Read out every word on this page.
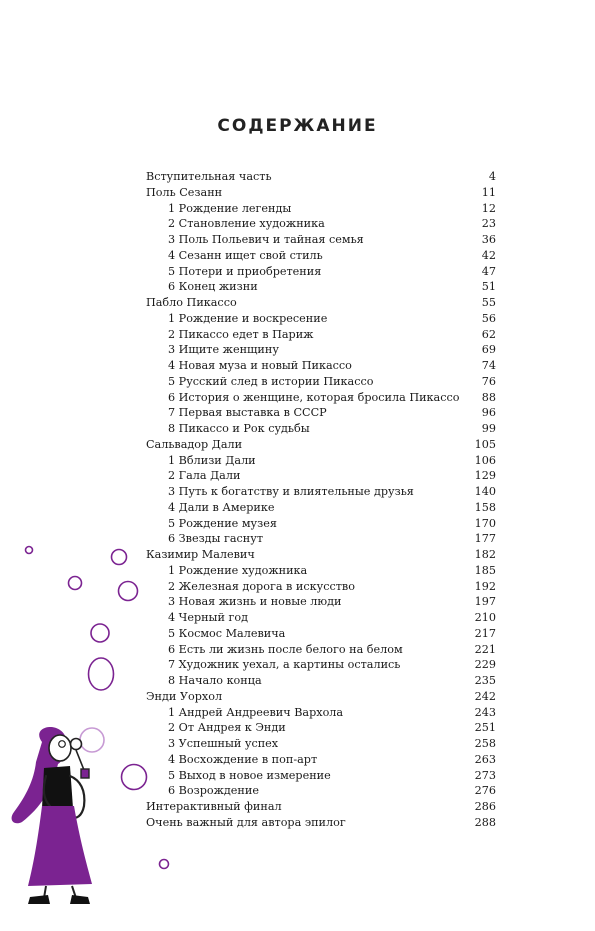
СОДЕРЖАНИЕ
Вступительная часть	4
Поль Сезанн	11
1 Рождение легенды	12
2 Становление художника	23
3 Поль Польевич и тайная семья	36
4 Сезанн ищет свой стиль	42
5 Потери и приобретения	47
6 Конец жизни	51
Пабло Пикассо	55
1 Рождение и воскресение	56
2 Пикассо едет в Париж	62
3 Ищите женщину	69
4 Новая муза и новый Пикассо	74
5 Русский след в истории Пикассо	76
6 История о женщине, которая бросила Пикассо 88
7 Первая выставка в СССР	96
8 Пикассо и Рок судьбы	99
Сальвадор Дали	105
1 Вблизи Дали	106
2 Гала Дали	129
3 Путь к богатству и влиятельные друзья	140
4 Дали в Америке	158
5 Рождение музея	170
6 Звезды гаснут	177
Казимир Малевич	182
1 Рождение художника	185
2 Железная дорога в искусство	192
3 Новая жизнь и новые люди	197
4 Черный год	210
5 Космос Малевича	217
6 Есть ли жизнь после белого на белом	221
7 Художник уехал, а картины остались	229
8 Начало конца	235
Энди Уорхол	242
1 Андрей Андреевич Вархола	243
2 От Андрея к Энди	251
3 Успешный успех	258
4 Восхождение в поп-арт	263
5 Выход в новое измерение	273
6 Возрождение	276
Интерактивный финал	286
Очень важный для автора эпилог	288
